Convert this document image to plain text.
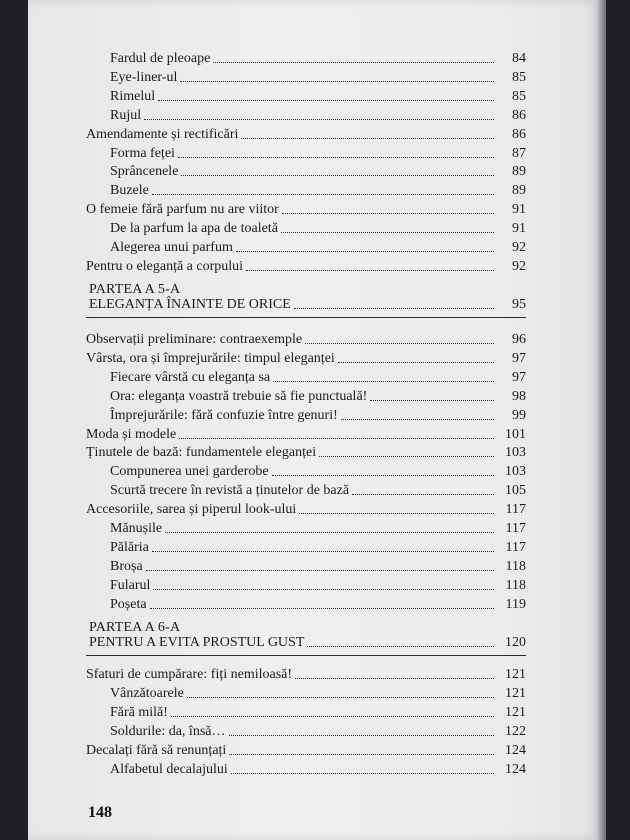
Fardul de pleoape	84
Eye-liner-ul	85
Rimelul	85
Rujul	86
Amendamente și rectificări	86
Forma feței	87
Sprâncenele	89
Buzele	89
O femeie fără parfum nu are viitor	91
De la parfum la apa de toaletă	91
Alegerea unui parfum	92
Pentru o eleganță a corpului	92
PARTEA A 5-A
ELEGANȚA ÎNAINTE DE ORICE	95
Observații preliminare: contraexemple	96
Vârsta, ora și împrejurările: timpul eleganței	97
Fiecare vârstă cu eleganța sa	97
Ora: eleganța voastră trebuie să fie punctuală!	98
Împrejurările: fără confuzie între genuri!	99
Moda și modele	101
Ținutele de bază: fundamentele eleganței	103
Compunerea unei garderobe	103
Scurtă trecere în revistă a ținutelor de bază	105
Accesoriile, sarea și piperul look-ului	117
Mănușile	117
Pălăria	117
Broșa	118
Fularul	118
Poșeta	119
PARTEA A 6-A
PENTRU A EVITA PROSTUL GUST	120
Sfaturi de cumpărare: fiți nemiloasă!	121
Vânzătoarele	121
Fără milă!	121
Soldurile: da, însă…	122
Decalați fără să renunțați	124
Alfabetul decalajului	124
148
